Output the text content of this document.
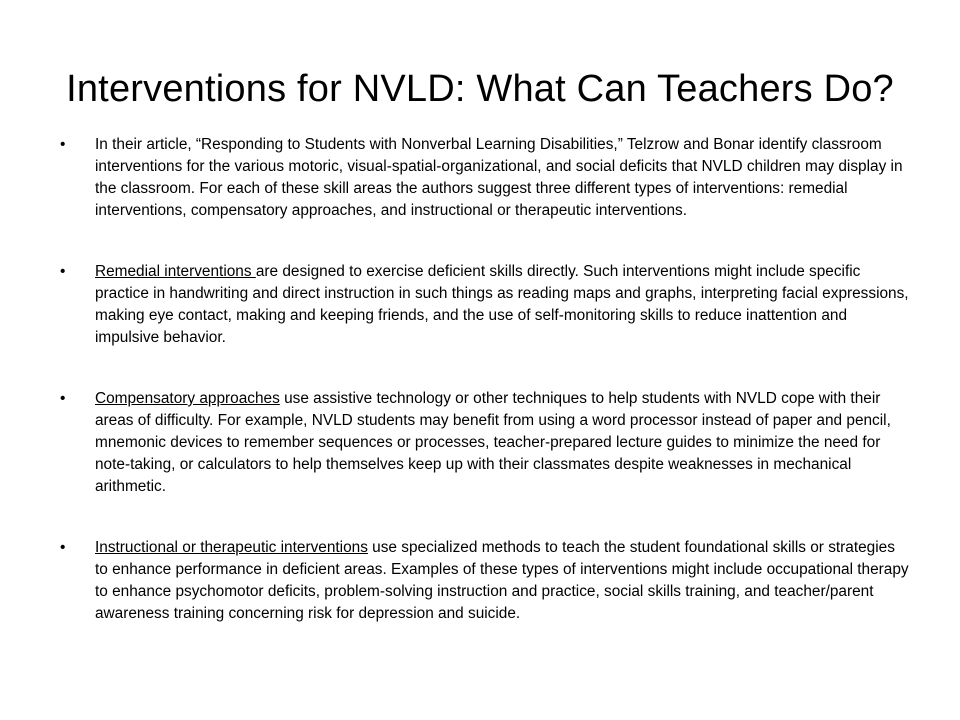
Interventions for NVLD: What Can Teachers Do?
•	In their article, “Responding to Students with Nonverbal Learning Disabilities,” Telzrow and Bonar identify classroom interventions for the various motoric, visual-spatial-organizational, and social deficits that NVLD children may display in the classroom. For each of these skill areas the authors suggest three different types of interventions: remedial interventions, compensatory approaches, and instructional or therapeutic interventions.
•	Remedial interventions are designed to exercise deficient skills directly. Such interventions might include specific practice in handwriting and direct instruction in such things as reading maps and graphs, interpreting facial expressions, making eye contact, making and keeping friends, and the use of self-monitoring skills to reduce inattention and impulsive behavior.
•	Compensatory approaches use assistive technology or other techniques to help students with NVLD cope with their areas of difficulty. For example, NVLD students may benefit from using a word processor instead of paper and pencil, mnemonic devices to remember sequences or processes, teacher-prepared lecture guides to minimize the need for note-taking, or calculators to help themselves keep up with their classmates despite weaknesses in mechanical arithmetic.
•	Instructional or therapeutic interventions use specialized methods to teach the student foundational skills or strategies to enhance performance in deficient areas. Examples of these types of interventions might include occupational therapy to enhance psychomotor deficits, problem-solving instruction and practice, social skills training, and teacher/parent awareness training concerning risk for depression and suicide.
